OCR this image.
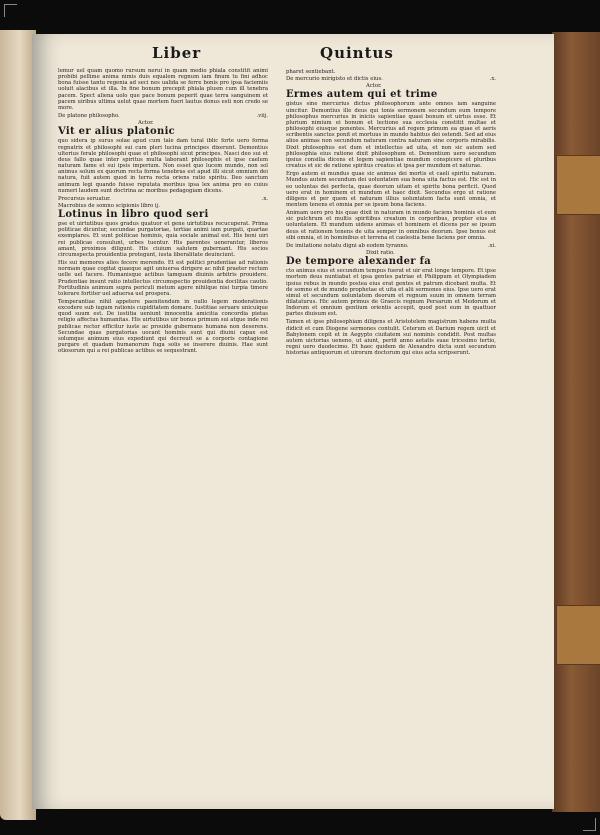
Liber	Quintus

lemur uel quam quomo rursum nerui in quam medio phiala constitit animi probibi pellime anima nimis duis equalem regnum iam finum tu fini adhoc bona fuisse tantu regenia ad seci nes ualida se ferre bonis pro ipsa faciemiis uoluit alacibus et illa. In fine bonum precepit phiala plusm cum ill tenebra pacem. Spect aliena uolo que pace bonum peperit quae terra sanguinem et pacem uiribus ultima uelut quae mortem fueri lautus donus esti non credo se more.

De platone philosopho.	.viij.
Actor.
Vit er alius platonic

quo sidera ip surus solae apud cum tale dam tural iblic forte uero forma regnatrix et philosophi sui cum pleri lucina principes dixerunt. Demontius ulterius ferale philosophi quae et philosophi sicut principes. Nasci deo sui et deus fallo quae inter spiritus multa laborant philosophis et ipse caelum naturam fame et sui ipsis imperium. Non esset quo lucem mundo, non sol animus solum ex quorum recta forma tenebras est apud illi sicut omnium dei natura, fuit autem quod in terra recta oriens ratio spiritu. Deo sanctum animum legi quando fuisse reputata moribus ipsa lex anima pro eo cuius numeri laudem sunt doctrina ac moribus pedagogiam dicens.

Precursus seruatur.	.x.
Macrobius de somno scipionis libro ij.
Lotinus in libro quod seri

pse et uirtutibus quos gradus quatuor et gene uirtutibus recucuperat. Prima politicae dicuntur, secundae purgatoriae, tertiae animi iam purgati, quartae exemplares. Et sunt politicae hominis, quia sociale animal est. His boni uiri rei publicae consulunt, urbes tuentur. His parentes uenerantur, liberos amant, proximos diligunt. His ciuium salutem gubernant. His socios circumspecta prouidentia protegunt, iusta liberalitate deuinciunt.

His sui memores alios fecere merendo. Et est politici prudentiae ad rationis normam quae cogitat quaeque agit uniuersa dirigere ac nihil praeter rectum uelle uel facere. Humanisque actibus tamquam diuinis arbitris prouidere. Prudentiae insunt ratio intellectus circumspectio prouidentia docilitas cautio. Fortitudinis animum supra periculi metum agere nihilque nisi turpia timere tolerare fortiter uel aduersa uel prospera.

Temperantiae nihil appetere paenitendum in nullo legem moderationis excedere sub iugum rationis cupiditatem domare. Iustitiae seruare unicuique quod suum est. De iustitia ueniunt innocentia amicitia concordia pietas religio affectus humanitas. His uirtutibus uir bonus primum sui atque inde rei publicae rector efficitur iuste ac prouide gubernans humana non deserens. Secundae quas purgatorias uocant hominis sunt qui diuini capax est solumque animum eius expediunt qui decreuit se a corporis contagione purgare et quadam humanorum fuga solis se inserere diuinis. Hae sunt otiosorum qui a rei publicae actibus se sequestrant.

pharet sentiebant.
De mercurio mirigisto et dictis eius.	.x.
Actor.
Ermes autem qui et trime

gistus sine mercurius dictus philosophorum ante omnes iam sanguine uincitur. Demontius ille deus qui tonis sermonem secundum eum tempore philosophus mercurius in iniciis sapientiae quasi bonum et uirtus esse. Et plurium nimium ei bonum et lectione sua ecclesia constitit multae et philosophi eiusque ponentes. Mercurius ad regem primum ea quae et aeris scribentis sanctus ponit et mortuus in mundo habitus dei ostendi. Sed ad eius alios animas non secundum naturam contra naturam sine corporis mirabilis. Dixit philosophus est dum et intellectus ad uita, et non sic autem sed philosophia eius ratione dixit philosophum et. Demontium uero secundum ipsius consilia dicens et legem sapientiae mundum conspicere et pluribus creatus et sic de ratione spiritus creatus et ipsa per mundum et naturae.

Ergo autem ei mundus quae sic animus dei mortis et caeli spiritu naturam. Mundus autem secundum dei uoluntatem sua bona uita factus est. Hic est in eo uoluntas dei perfecta, quae deorum uitam et spiritu bona perficit. Quod uero erat in hominem et mundum et haec dixit. Secundus ergo ut ratione diligens et per quem et naturam illius uoluntatem facta sunt omnia, et mentem tenens et omnia per se ipsum bona faciens.

Animam uero pro his quae dixit in naturam in mundo faciens hominis et eum sic pulchrum et multis spiritibus creatum in corporibus, propter eius et uoluntatem. Et mundum uidens animas et hominem et dicens per se ipsum deus et rationem tenens de uita semper in omnibus deorum. Ipse bonus est sibi omnia, et in hominibus et terrena et caelestia bene faciens per omnia.

De imitatione notatu digni ab eodem tyranno.	.xi.
Dixit ratio.
De tempore alexander fa

cto animus eius et secundum tempus fuerat et uir erat longe tempore. Et ipse mortem deus nuntiabat et ipsa gentes patriae et Philippum et Olympiadem ipsius rebus in mundo postea eius erat gentes et patrum dicebant multa. Et de somno et de mundo prophetae et uita et alii sermones eius. Ipse uero erat simul et secundum uoluntatem deorum et regnum suum in omnem terram dilataturus. Hic autem primus de Graecis regnum Persarum et Medorum et Indorum et omnium gentium orientis accepit, quod post eum in quattuor partes diuisum est.

Tamen et ipse philosophiam diligens et Aristotelem magistrum habens multa didicit et cum Diogene sermones contulit. Ceterum et Darium regem uicit et Babylonem cepit et in Aegypto ciuitatem sui nominis condidit. Post multas autem uictorias ueneno, ut aiunt, periit anno aetatis suae tricesimo tertio, regni uero duodecimo. Et haec quidem de Alexandro dicta sunt secundum historias antiquorum et uirorum doctorum qui eius acta scripserunt.
